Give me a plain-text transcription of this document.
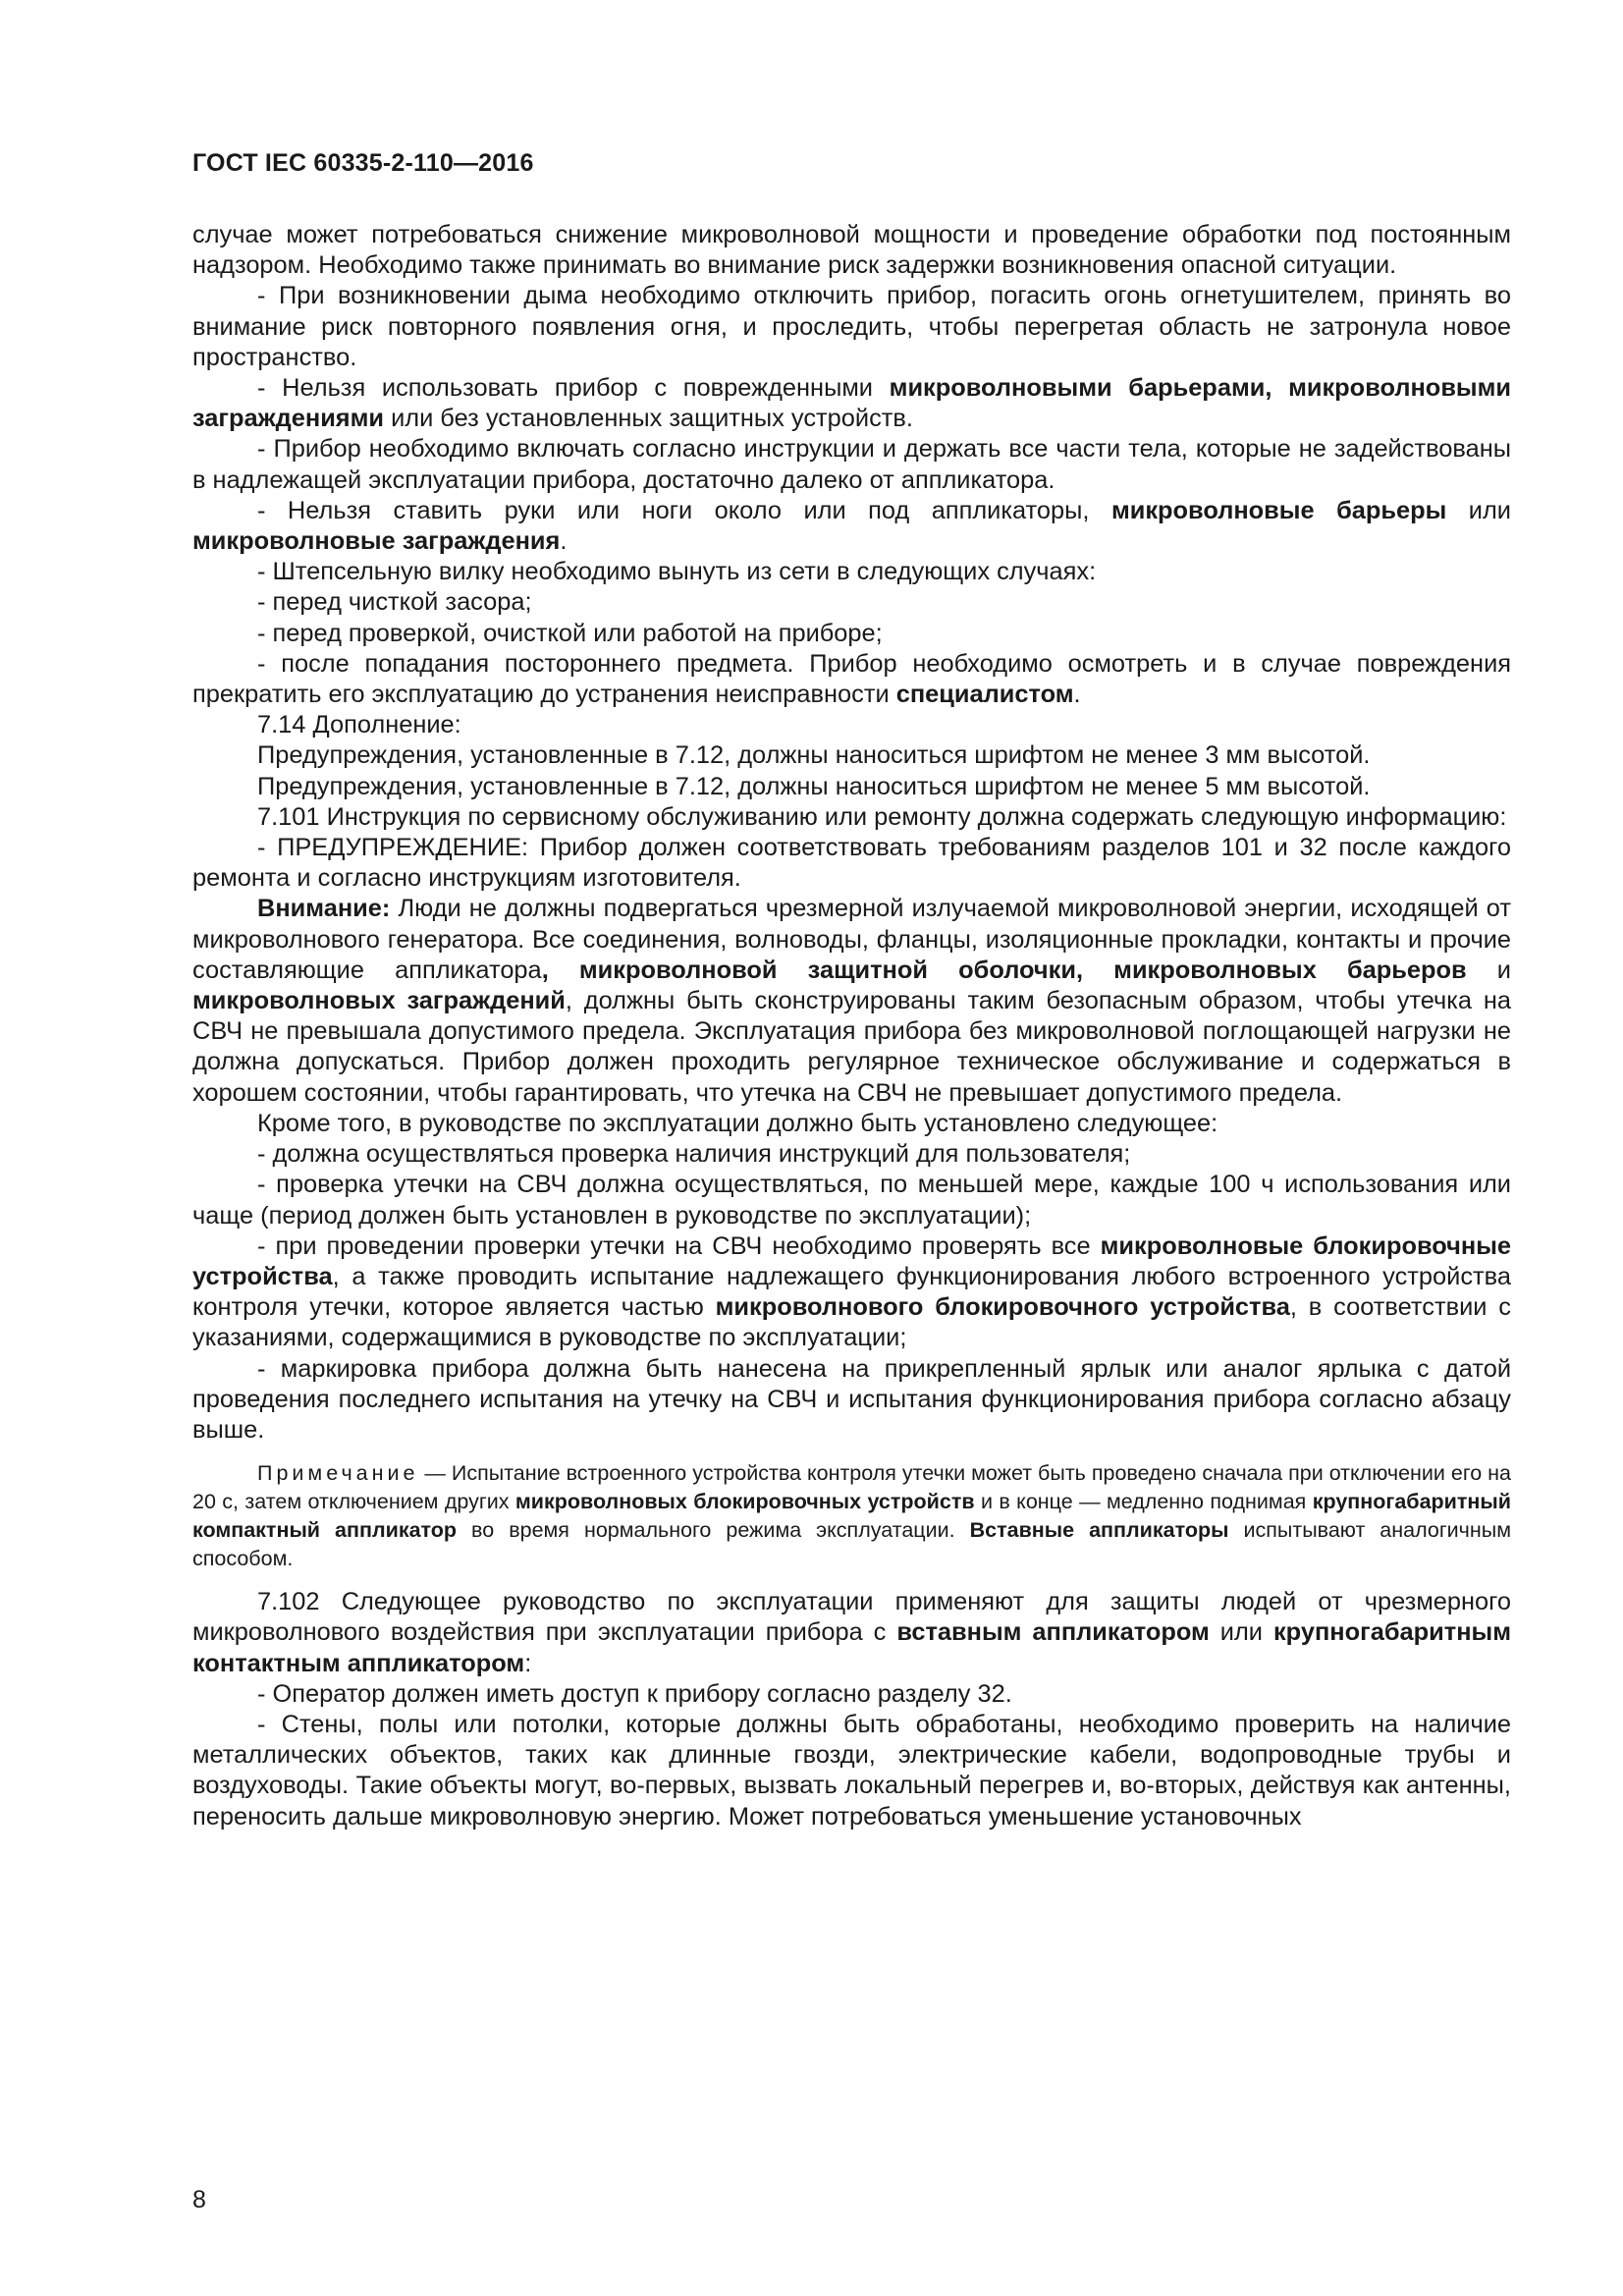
ГОСТ IEC 60335-2-110—2016

случае может потребоваться снижение микроволновой мощности и проведение обработки под постоянным надзором. Необходимо также принимать во внимание риск задержки возникновения опасной ситуации.

- При возникновении дыма необходимо отключить прибор, погасить огонь огнетушителем, принять во внимание риск повторного появления огня, и проследить, чтобы перегретая область не затронула новое пространство.

- Нельзя использовать прибор с поврежденными микроволновыми барьерами, микроволновыми заграждениями или без установленных защитных устройств.

- Прибор необходимо включать согласно инструкции и держать все части тела, которые не задействованы в надлежащей эксплуатации прибора, достаточно далеко от аппликатора.

- Нельзя ставить руки или ноги около или под аппликаторы, микроволновые барьеры или микроволновые заграждения.

- Штепсельную вилку необходимо вынуть из сети в следующих случаях:

- перед чисткой засора;

- перед проверкой, очисткой или работой на приборе;

- после попадания постороннего предмета. Прибор необходимо осмотреть и в случае повреждения прекратить его эксплуатацию до устранения неисправности специалистом.

7.14 Дополнение:

Предупреждения, установленные в 7.12, должны наноситься шрифтом не менее 3 мм высотой.

Предупреждения, установленные в 7.12, должны наноситься шрифтом не менее 5 мм высотой.

7.101 Инструкция по сервисному обслуживанию или ремонту должна содержать следующую информацию:

- ПРЕДУПРЕЖДЕНИЕ: Прибор должен соответствовать требованиям разделов 101 и 32 после каждого ремонта и согласно инструкциям изготовителя.

Внимание: Люди не должны подвергаться чрезмерной излучаемой микроволновой энергии, исходящей от микроволнового генератора. Все соединения, волноводы, фланцы, изоляционные прокладки, контакты и прочие составляющие аппликатора, микроволновой защитной оболочки, микроволновых барьеров и микроволновых заграждений, должны быть сконструированы таким безопасным образом, чтобы утечка на СВЧ не превышала допустимого предела. Эксплуатация прибора без микроволновой поглощающей нагрузки не должна допускаться. Прибор должен проходить регулярное техническое обслуживание и содержаться в хорошем состоянии, чтобы гарантировать, что утечка на СВЧ не превышает допустимого предела.

Кроме того, в руководстве по эксплуатации должно быть установлено следующее:

- должна осуществляться проверка наличия инструкций для пользователя;

- проверка утечки на СВЧ должна осуществляться, по меньшей мере, каждые 100 ч использования или чаще (период должен быть установлен в руководстве по эксплуатации);

- при проведении проверки утечки на СВЧ необходимо проверять все микроволновые блокировочные устройства, а также проводить испытание надлежащего функционирования любого встроенного устройства контроля утечки, которое является частью микроволнового блокировочного устройства, в соответствии с указаниями, содержащимися в руководстве по эксплуатации;

- маркировка прибора должна быть нанесена на прикрепленный ярлык или аналог ярлыка с датой проведения последнего испытания на утечку на СВЧ и испытания функционирования прибора согласно абзацу выше.

Примечание — Испытание встроенного устройства контроля утечки может быть проведено сначала при отключении его на 20 с, затем отключением других микроволновых блокировочных устройств и в конце — медленно поднимая крупногабаритный компактный аппликатор во время нормального режима эксплуатации. Вставные аппликаторы испытывают аналогичным способом.

7.102 Следующее руководство по эксплуатации применяют для защиты людей от чрезмерного микроволнового воздействия при эксплуатации прибора с вставным аппликатором или крупногабаритным контактным аппликатором:

- Оператор должен иметь доступ к прибору согласно разделу 32.

- Стены, полы или потолки, которые должны быть обработаны, необходимо проверить на наличие металлических объектов, таких как длинные гвозди, электрические кабели, водопроводные трубы и воздуховоды. Такие объекты могут, во-первых, вызвать локальный перегрев и, во-вторых, действуя как антенны, переносить дальше микроволновую энергию. Может потребоваться уменьшение установочных

8
